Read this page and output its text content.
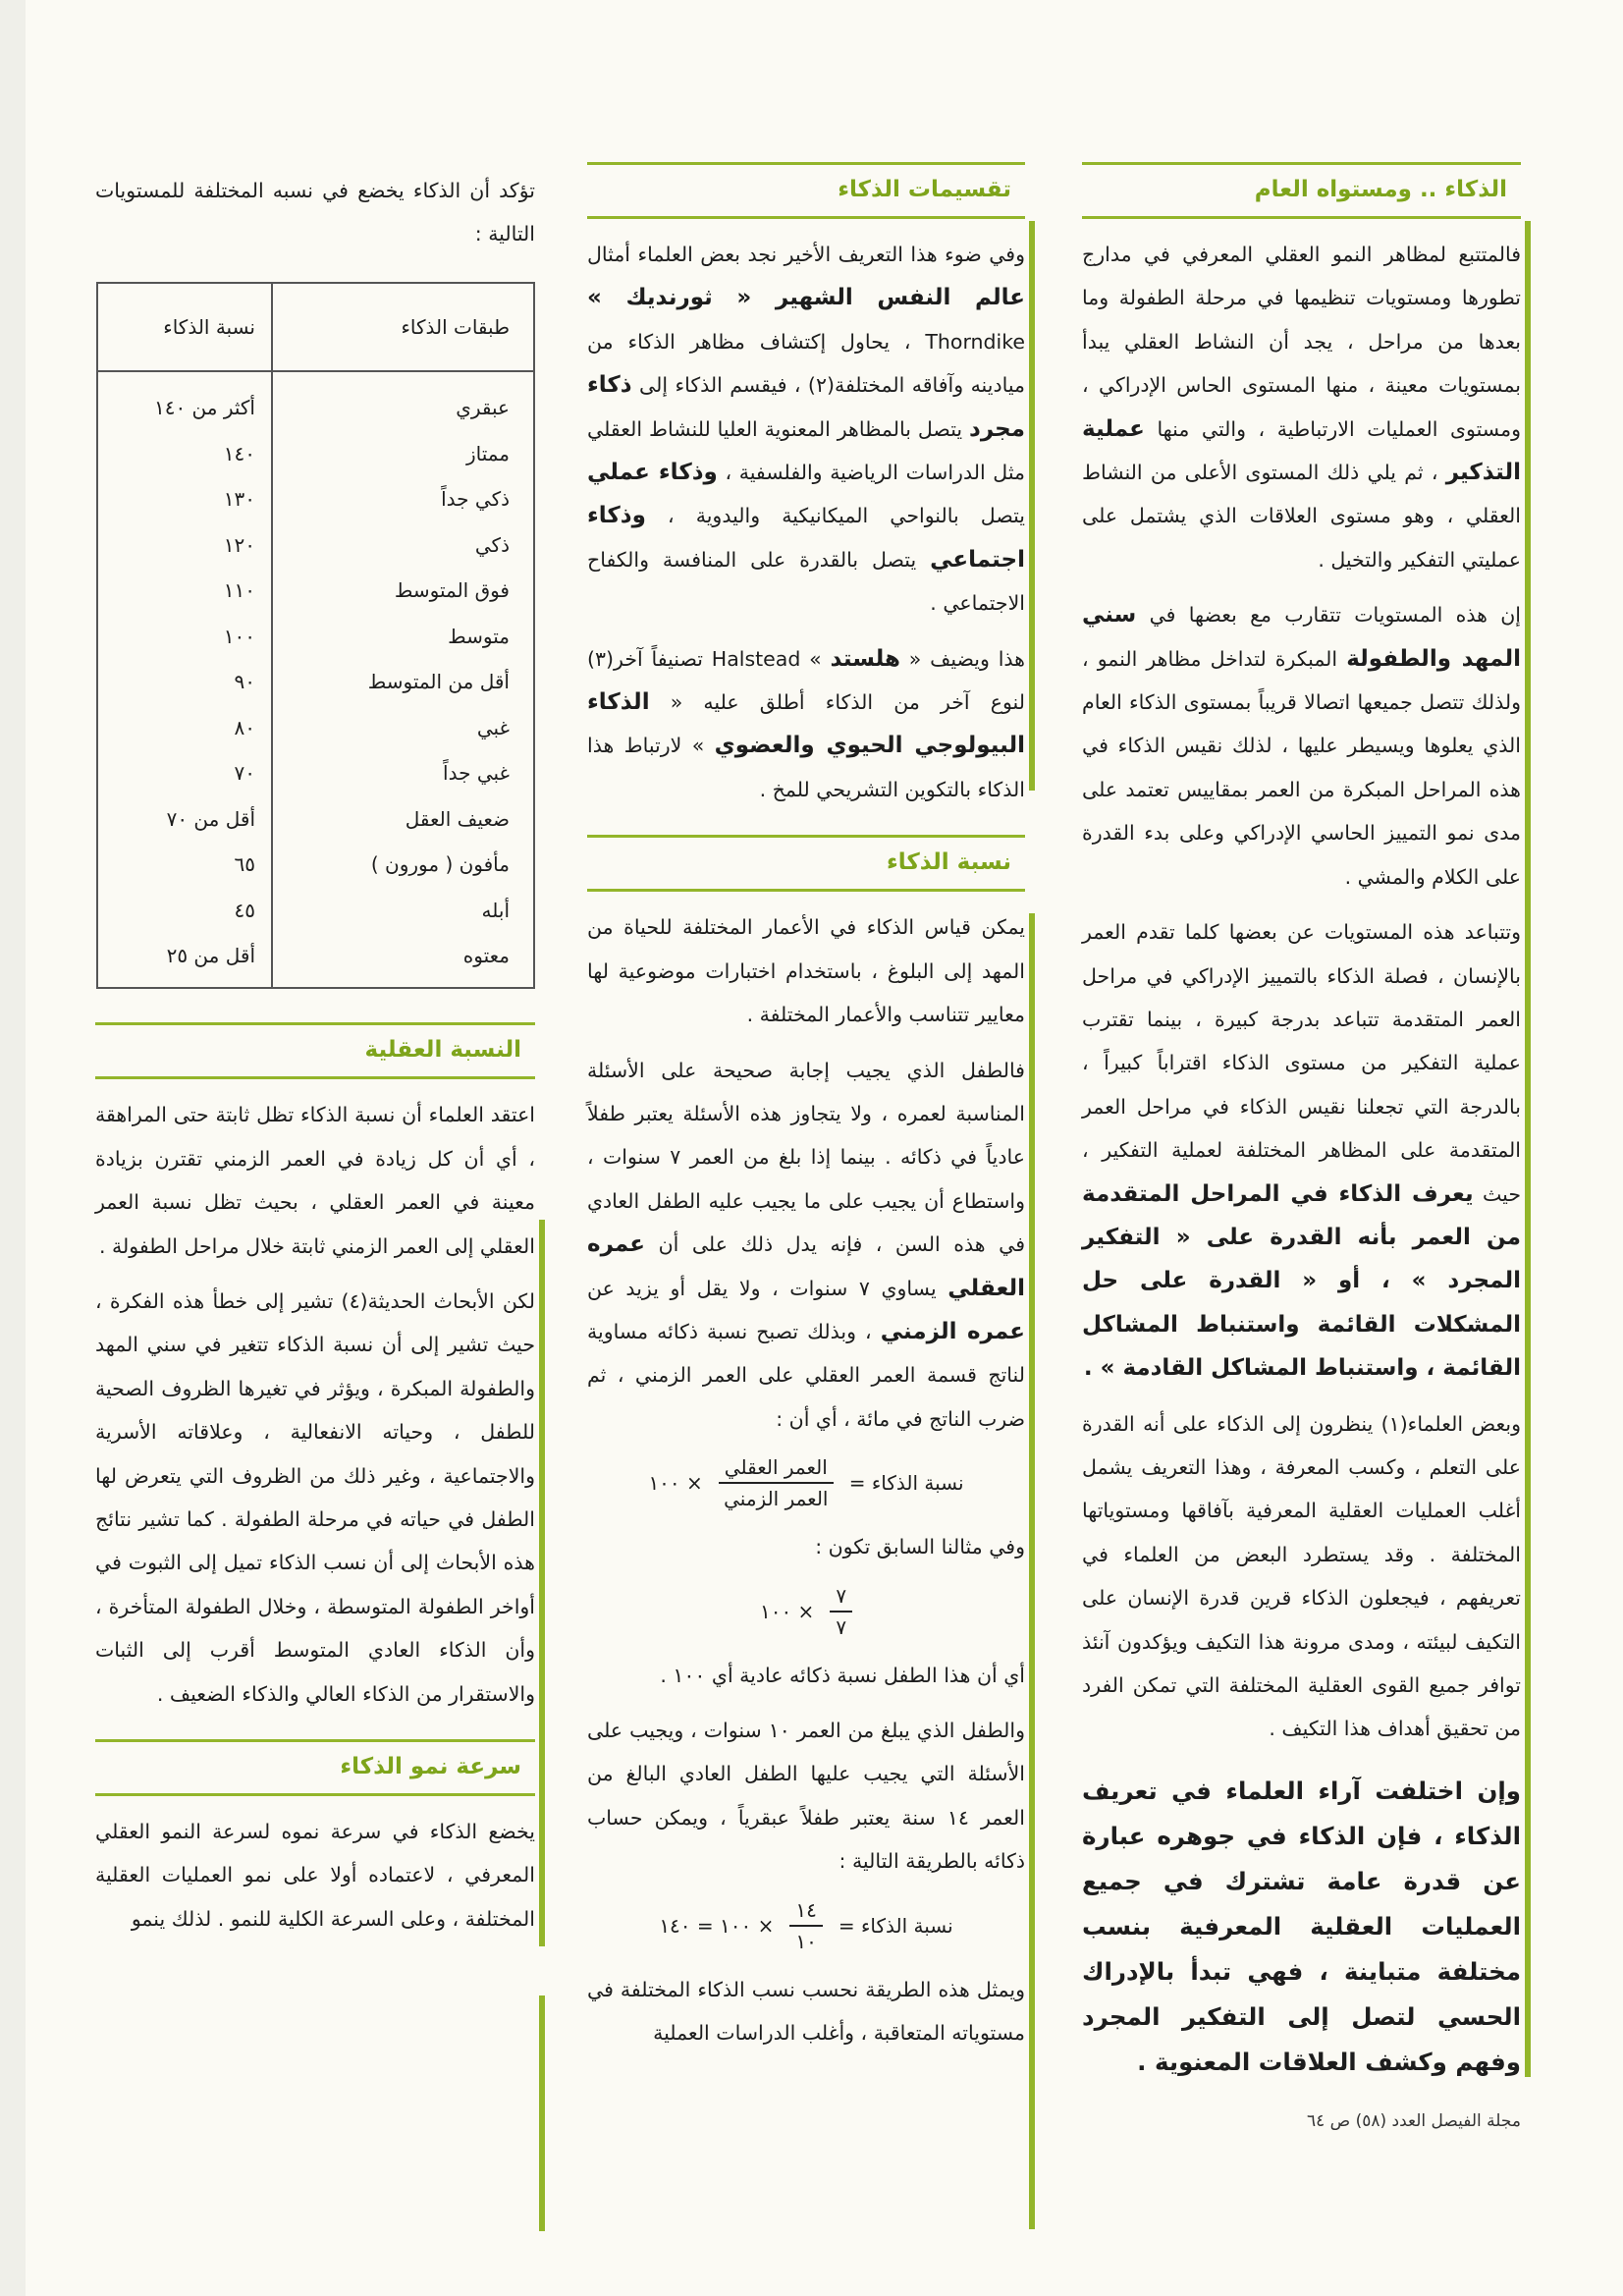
الذكاء .. ومستواه العام

فالمتتبع لمظاهر النمو العقلي المعرفي في مدارج تطورها ومستويات تنظيمها في مرحلة الطفولة وما بعدها من مراحل ، يجد أن النشاط العقلي يبدأ بمستويات معينة ، منها المستوى الحاس الإدراكي ، ومستوى العمليات الارتباطية ، والتي منها عملية التذكير ، ثم يلي ذلك المستوى الأعلى من النشاط العقلي ، وهو مستوى العلاقات الذي يشتمل على عمليتي التفكير والتخيل .

إن هذه المستويات تتقارب مع بعضها في سني المهد والطفولة المبكرة لتداخل مظاهر النمو ، ولذلك تتصل جميعها اتصالا قريباً بمستوى الذكاء العام الذي يعلوها ويسيطر عليها ، لذلك نقيس الذكاء في هذه المراحل المبكرة من العمر بمقاييس تعتمد على مدى نمو التمييز الحاسي الإدراكي وعلى بدء القدرة على الكلام والمشي .

وتتباعد هذه المستويات عن بعضها كلما تقدم العمر بالإنسان ، فصلة الذكاء بالتمييز الإدراكي في مراحل العمر المتقدمة تتباعد بدرجة كبيرة ، بينما تقترب عملية التفكير من مستوى الذكاء اقتراباً كبيراً ، بالدرجة التي تجعلنا نقيس الذكاء في مراحل العمر المتقدمة على المظاهر المختلفة لعملية التفكير ، حيث يعرف الذكاء في المراحل المتقدمة من العمر بأنه القدرة على « التفكير المجرد » ، أو « القدرة على حل المشكلات القائمة واستنباط المشاكل القائمة ، واستنباط المشاكل القادمة » .

وبعض العلماء(١) ينظرون إلى الذكاء على أنه القدرة على التعلم ، وكسب المعرفة ، وهذا التعريف يشمل أغلب العمليات العقلية المعرفية بآفاقها ومستوياتها المختلفة . وقد يستطرد البعض من العلماء في تعريفهم ، فيجعلون الذكاء قرين قدرة الإنسان على التكيف لبيئته ، ومدى مرونة هذا التكيف ويؤكدون آنئذ توافر جميع القوى العقلية المختلفة التي تمكن الفرد من تحقيق أهداف هذا التكيف .

وإن اختلفت آراء العلماء في تعريف الذكاء ، فإن الذكاء في جوهره عبارة عن قدرة عامة تشترك في جميع العمليات العقلية المعرفية بنسب مختلفة متباينة ، فهي تبدأ بالإدراك الحسي لتصل إلى التفكير المجرد وفهم وكشف العلاقات المعنوية .

تقسيمات الذكاء

وفي ضوء هذا التعريف الأخير نجد بعض العلماء أمثال عالم النفس الشهير « ثورنديك » Thorndike ، يحاول إكتشاف مظاهر الذكاء من ميادينه وآفاقه المختلفة(٢) ، فيقسم الذكاء إلى ذكاء مجرد يتصل بالمظاهر المعنوية العليا للنشاط العقلي مثل الدراسات الرياضية والفلسفية ، وذكاء عملي يتصل بالنواحي الميكانيكية واليدوية ، وذكاء اجتماعي يتصل بالقدرة على المنافسة والكفاح الاجتماعي .

هذا ويضيف « هلستد » Halstead تصنيفاً آخر(٣) لنوع آخر من الذكاء أطلق عليه « الذكاء البيولوجي الحيوي والعضوي » لارتباط هذا الذكاء بالتكوين التشريحي للمخ .

نسبة الذكاء

يمكن قياس الذكاء في الأعمار المختلفة للحياة من المهد إلى البلوغ ، باستخدام اختبارات موضوعية لها معايير تتناسب والأعمار المختلفة .

فالطفل الذي يجيب إجابة صحيحة على الأسئلة المناسبة لعمره ، ولا يتجاوز هذه الأسئلة يعتبر طفلاً عادياً في ذكائه . بينما إذا بلغ من العمر ٧ سنوات ، واستطاع أن يجيب على ما يجيب عليه الطفل العادي في هذه السن ، فإنه يدل ذلك على أن عمره العقلي يساوي ٧ سنوات ، ولا يقل أو يزيد عن عمره الزمني ، وبذلك تصبح نسبة ذكائه مساوية لناتج قسمة العمر العقلي على العمر الزمني ، ثم ضرب الناتج في مائة ، أي أن :

نسبة الذكاء =
$\frac{\text{العمر العقلي}}{\text{العمر الزمني}}$
× ١٠٠

وفي مثالنا السابق تكون :

$\frac{٧}{٧}$
× ١٠٠

أي أن هذا الطفل نسبة ذكائه عادية أي ١٠٠ .

والطفل الذي يبلغ من العمر ١٠ سنوات ، ويجيب على الأسئلة التي يجيب عليها الطفل العادي البالغ من العمر ١٤ سنة يعتبر طفلاً عبقرياً ، ويمكن حساب ذكائه بالطريقة التالية :

نسبة الذكاء =
$\frac{١٤}{١٠}$
× ١٠٠ = ١٤٠

ويمثل هذه الطريقة نحسب نسب الذكاء المختلفة في مستوياته المتعاقبة ، وأغلب الدراسات العملية

تؤكد أن الذكاء يخضع في نسبه المختلفة للمستويات التالية :

طبقات الذكاء	نسبة الذكاء
عبقري	أكثر من ١٤٠
ممتاز	١٤٠
ذكي جداً	١٣٠
ذكي	١٢٠
فوق المتوسط	١١٠
متوسط	١٠٠
أقل من المتوسط	٩٠
غبي	٨٠
غبي جداً	٧٠
ضعيف العقل	أقل من ٧٠
مأفون ( مورون )	٦٥
أبله	٤٥
معتوه	أقل من ٢٥
النسبة العقلية

اعتقد العلماء أن نسبة الذكاء تظل ثابتة حتى المراهقة ، أي أن كل زيادة في العمر الزمني تقترن بزيادة معينة في العمر العقلي ، بحيث تظل نسبة العمر العقلي إلى العمر الزمني ثابتة خلال مراحل الطفولة .

لكن الأبحاث الحديثة(٤) تشير إلى خطأ هذه الفكرة ، حيث تشير إلى أن نسبة الذكاء تتغير في سني المهد والطفولة المبكرة ، ويؤثر في تغيرها الظروف الصحية للطفل ، وحياته الانفعالية ، وعلاقاته الأسرية والاجتماعية ، وغير ذلك من الظروف التي يتعرض لها الطفل في حياته في مرحلة الطفولة . كما تشير نتائج هذه الأبحاث إلى أن نسب الذكاء تميل إلى الثبوت في أواخر الطفولة المتوسطة ، وخلال الطفولة المتأخرة ، وأن الذكاء العادي المتوسط أقرب إلى الثبات والاستقرار من الذكاء العالي والذكاء الضعيف .

سرعة نمو الذكاء

يخضع الذكاء في سرعة نموه لسرعة النمو العقلي المعرفي ، لاعتماده أولا على نمو العمليات العقلية المختلفة ، وعلى السرعة الكلية للنمو . لذلك ينمو

مجلة الفيصل العدد (٥٨) ص ٦٤
